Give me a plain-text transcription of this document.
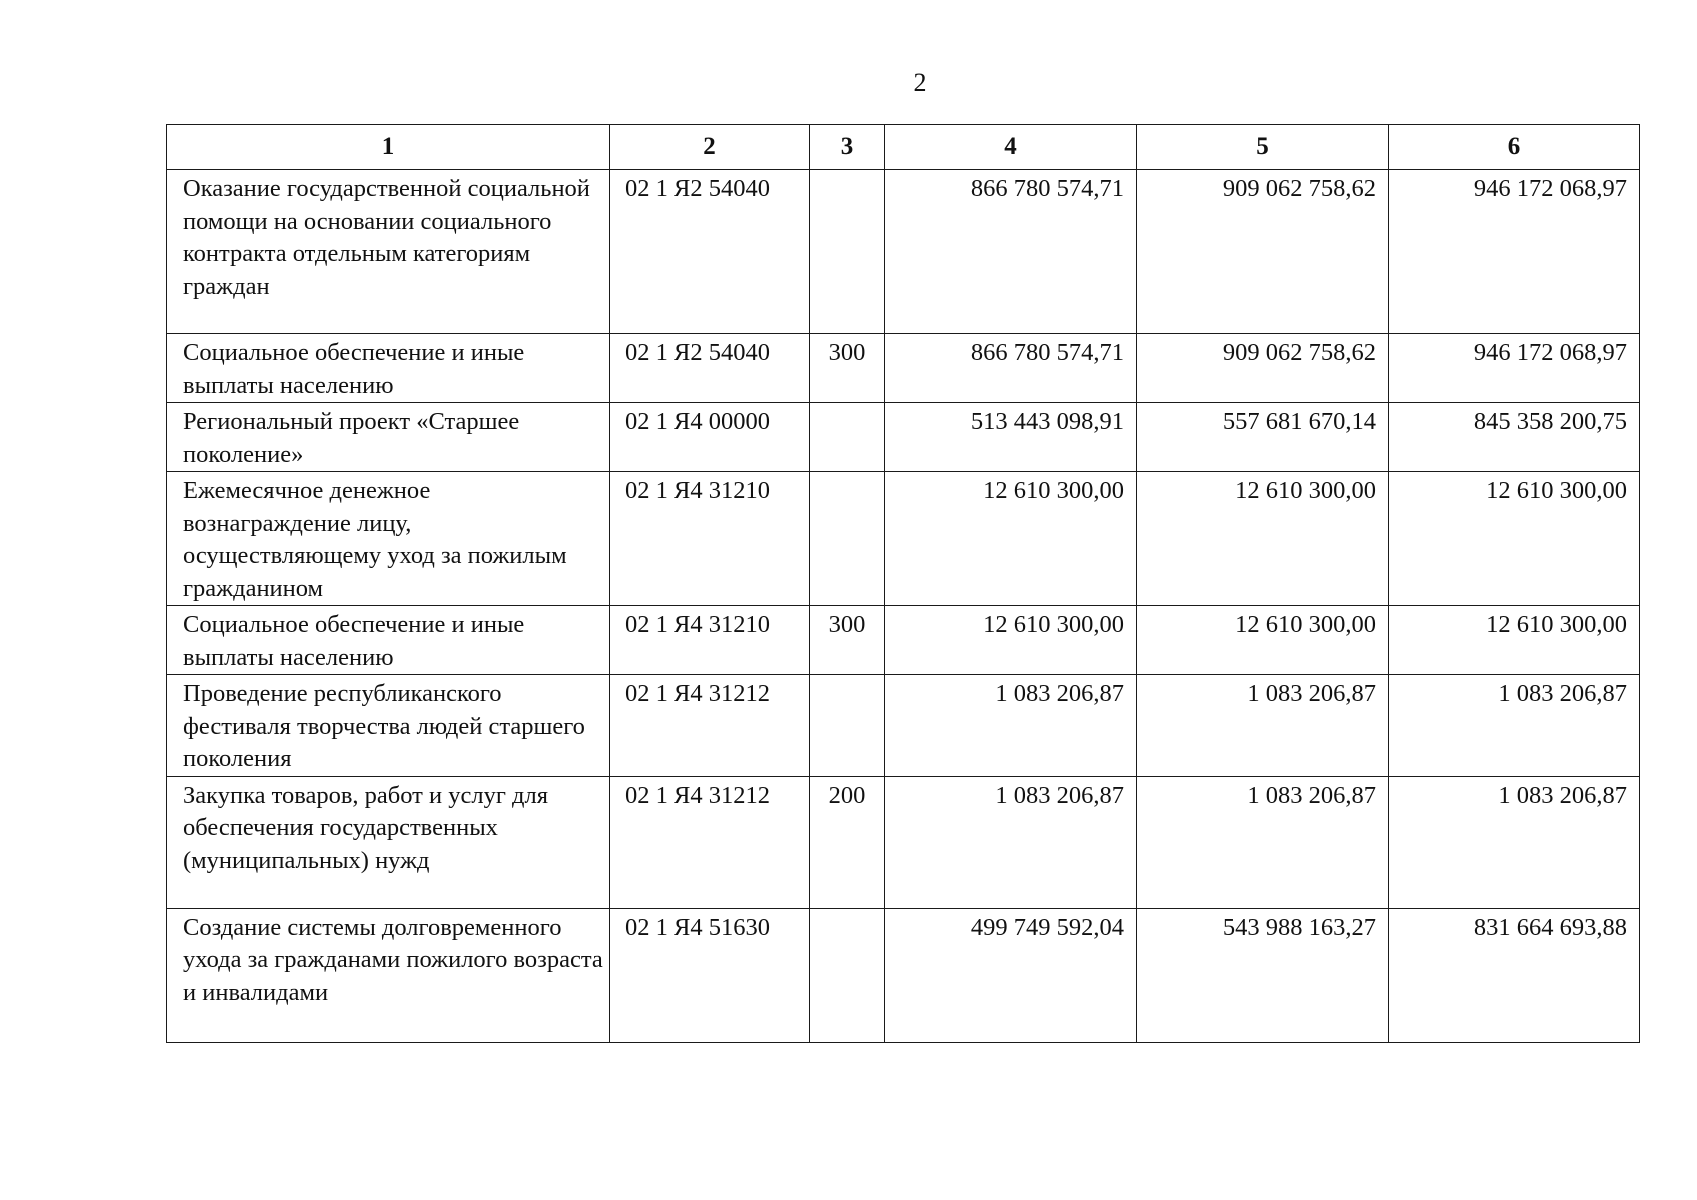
2
1	2	3	4	5	6
Оказание государственной социальной помощи на основании социального контракта отдельным категориям граждан	02 1 Я2 54040		866 780 574,71	909 062 758,62	946 172 068,97
Социальное обеспечение и иные выплаты населению	02 1 Я2 54040	300	866 780 574,71	909 062 758,62	946 172 068,97
Региональный проект «Старшее поколение»	02 1 Я4 00000		513 443 098,91	557 681 670,14	845 358 200,75
Ежемесячное денежное вознаграждение лицу, осуществляющему уход за пожилым гражданином	02 1 Я4 31210		12 610 300,00	12 610 300,00	12 610 300,00
Социальное обеспечение и иные выплаты населению	02 1 Я4 31210	300	12 610 300,00	12 610 300,00	12 610 300,00
Проведение республиканского фестиваля творчества людей старшего поколения	02 1 Я4 31212		1 083 206,87	1 083 206,87	1 083 206,87
Закупка товаров, работ и услуг для обеспечения государственных (муниципальных) нужд	02 1 Я4 31212	200	1 083 206,87	1 083 206,87	1 083 206,87
Создание системы долговременного ухода за гражданами пожилого возраста и инвалидами	02 1 Я4 51630		499 749 592,04	543 988 163,27	831 664 693,88
